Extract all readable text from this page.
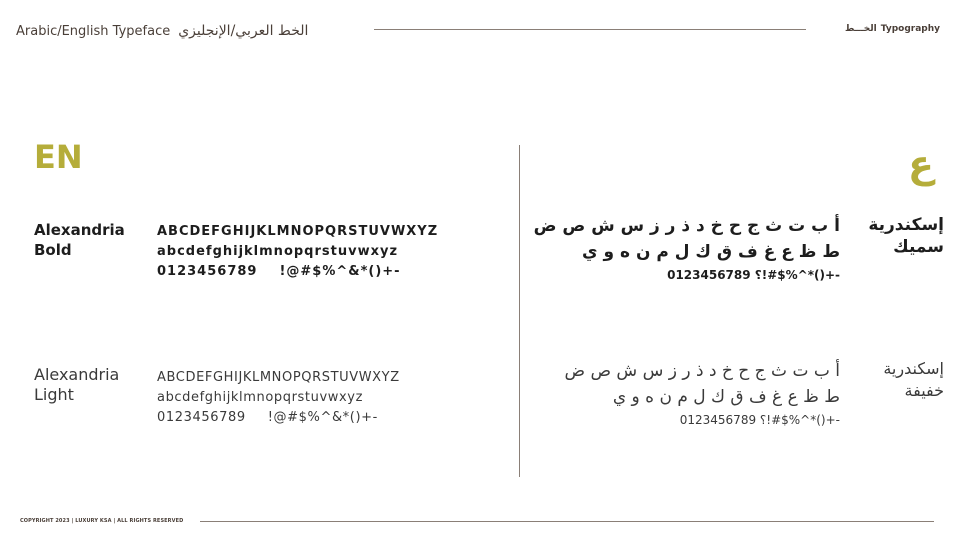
Arabic/English Typeface الخط العربي/الإنجليزي	الخـــط Typography
EN	ع
Alexandria
Bold
ABCDEFGHIJKLMNOPQRSTUVWXYZ
abcdefghijklmnopqrstuvwxyz
0123456789 !@#$%^&*()+-
Alexandria
Light
ABCDEFGHIJKLMNOPQRSTUVWXYZ
abcdefghijklmnopqrstuvwxyz
0123456789 !@#$%^&*()+-
إسكندرية
سميك
أ ب ت ث ج ح خ د ذ ر ز س ش ص ض
ط ظ ع غ ف ق ك ل م ن ه و ي
0123456789 ؟!#$%^*()+-
إسكندرية
خفيفة
أ ب ت ث ج ح خ د ذ ر ز س ش ص ض
ط ظ ع غ ف ق ك ل م ن ه و ي
0123456789 ؟!#$%^*()+-
COPYRIGHT 2023 | LUXURY KSA | ALL RIGHTS RESERVED
